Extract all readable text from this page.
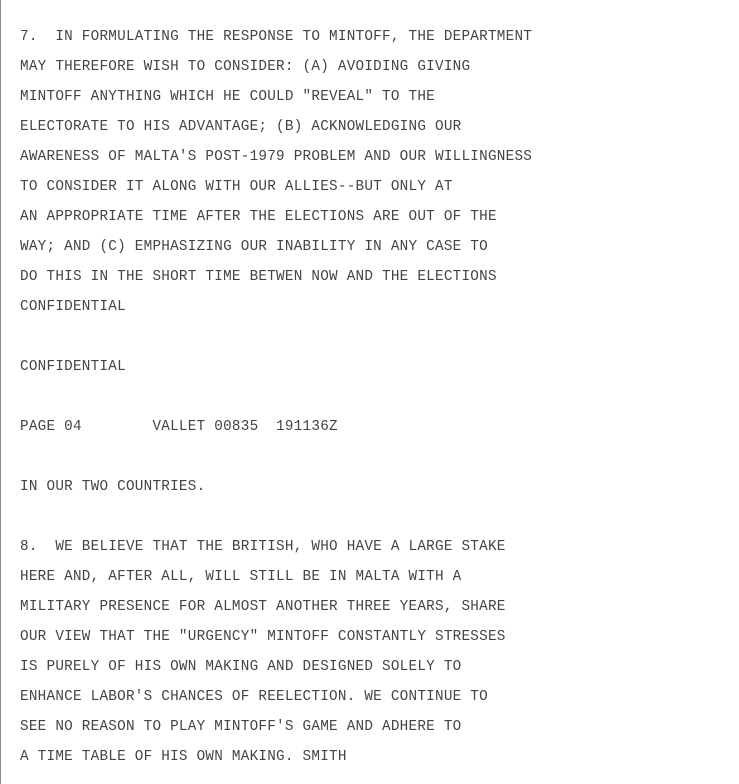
7.  IN FORMULATING THE RESPONSE TO MINTOFF, THE DEPARTMENT
MAY THEREFORE WISH TO CONSIDER: (A) AVOIDING GIVING
MINTOFF ANYTHING WHICH HE COULD "REVEAL" TO THE
ELECTORATE TO HIS ADVANTAGE; (B) ACKNOWLEDGING OUR
AWARENESS OF MALTA'S POST-1979 PROBLEM AND OUR WILLINGNESS
TO CONSIDER IT ALONG WITH OUR ALLIES--BUT ONLY AT
AN APPROPRIATE TIME AFTER THE ELECTIONS ARE OUT OF THE
WAY; AND (C) EMPHASIZING OUR INABILITY IN ANY CASE TO
DO THIS IN THE SHORT TIME BETWEN NOW AND THE ELECTIONS
CONFIDENTIAL
CONFIDENTIAL
PAGE 04        VALLET 00835  191136Z
IN OUR TWO COUNTRIES.
8.  WE BELIEVE THAT THE BRITISH, WHO HAVE A LARGE STAKE
HERE AND, AFTER ALL, WILL STILL BE IN MALTA WITH A
MILITARY PRESENCE FOR ALMOST ANOTHER THREE YEARS, SHARE
OUR VIEW THAT THE "URGENCY" MINTOFF CONSTANTLY STRESSES
IS PURELY OF HIS OWN MAKING AND DESIGNED SOLELY TO
ENHANCE LABOR'S CHANCES OF REELECTION. WE CONTINUE TO
SEE NO REASON TO PLAY MINTOFF'S GAME AND ADHERE TO
A TIME TABLE OF HIS OWN MAKING. SMITH
